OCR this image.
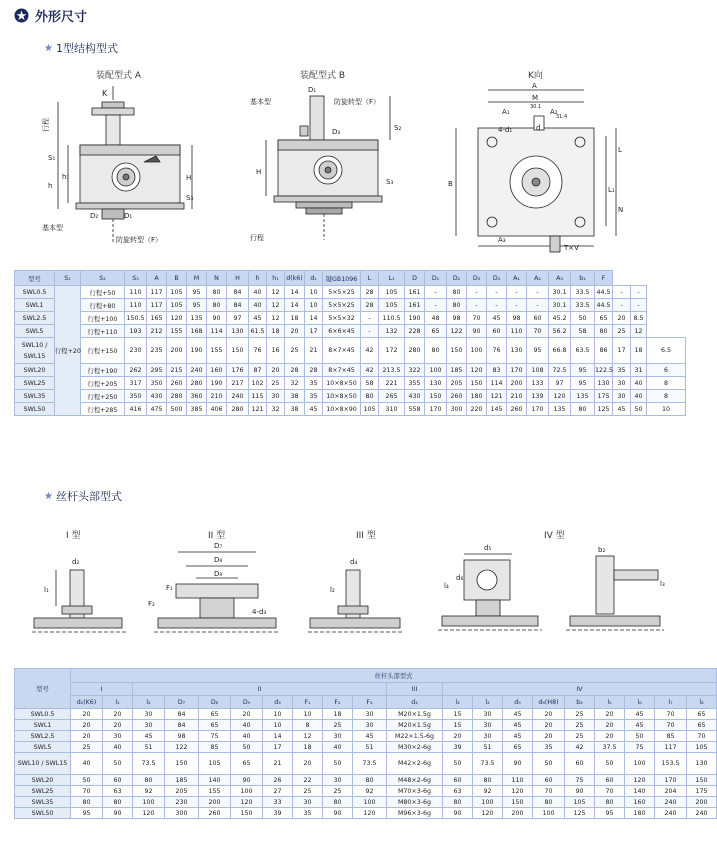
外形尺寸
★ 1型结构型式
装配型式 A
K
行程
S₁
h
h₁	H
S₃
D₂	D₁
基本型
防旋转型（F）
装配型式 B
D₁
基本型	防旋转型（F）
S₂
D₃
H
S₃
行程
K向
A
M
A₁	A₂
31.4
30.1
4-d₁	d
B
L
L₁
N
A₃
T×V
型号	S₁	S₂	S₃	A	B	M	N	H	h	h₁	d(k6)	d₁	键GB1096	L	L₁	D	D₁	D₂	D₃	D₄	A₁	A₂	A₃	b₁	F			
SWL0.5	行程+20	行程+50	110	117	105	95	80	84	40	12	14	10	5×5×25	28	105	161	-	80	-	-	-	-	30.1	33.5	44.5	-	-	
SWL1		行程+80	110	117	105	95	80	84	40	12	14	10	5×5×25	28	105	161	-	80	-	-	-	-	30.1	33.5	44.5	-	-	
SWL2.5		行程+100	150.5	165	120	135	90	97	45	12	18	14	5×5×32	-	110.5	190	48	98	70	45	98	60	45.2	50	65	20	8.5	
SWL5		行程+110	193	212	155	168	114	130	61.5	18	20	17	6×6×45	-	132	228	65	122	90	60	110	70	56.2	58	80	25	12	
SWL10 / SWL15		行程+150	230	235	200	190	155	150	76	16	25	21	8×7×45	42	172	280	80	150	100	76	130	95	66.8	63.5	86	17	18	6.5
SWL20		行程+190	262	295	215	240	160	176	87	20	28	28	8×7×45	42	213.5	322	100	185	120	83	170	108	72.5	95	122.5	35	31	6
SWL25		行程+205	317	350	260	280	190	217	102	25	32	35	10×8×50	58	221	355	130	205	150	114	200	133	97	95	130	30	40	8
SWL35		行程+250	350	430	280	360	210	240	115	30	38	35	10×8×50	80	265	430	150	260	180	121	210	139	120	135	175	30	40	8
SWL50		行程+285	416	475	500	385	406	280	121	32	38	45	10×8×90	105	310	558	170	300	220	145	260	170	135	80	125	45	50	10
★ 丝杆头部型式
I 型	II 型	III 型	IV 型
d₂
l₁
D₇
D₈
D₉
F₁
F₂
4-d₃
d₄
l₂
d₅
d₆
l₄
b₂
l₃
型号	丝杆头部型式																			
	I		II								III	IV								
	d₂(K6)	l₁	l₂	D₇	D₈	D₉	d₃	F₁	F₂	F₃	d₄	l₃	l₄	d₅	d₆(H8)	b₂	l₅	l₆	l₇	l₈
SWL0.5	20	20	30	84	65	20	10	10	18	30	M20×1.5g	15	30	45	20	25	20	45	70	65
SWL1	20	20	30	84	65	40	10	8	25	30	M20×1.5g	15	30	45	20	25	20	45	70	65
SWL2.5	20	30	45	98	75	40	14	12	30	45	M22×1.5-6g	20	30	45	20	25	20	50	85	70
SWL5	25	40	51	122	85	50	17	18	40	51	M30×2-6g	39	51	65	35	42	37.5	75	117	105
SWL10 / SWL15	40	50	73.5	150	105	65	21	20	50	73.5	M42×2-6g	50	73.5	90	50	60	50	100	153.5	130
SWL20	50	60	80	185	140	90	26	22	30	80	M48×2-6g	60	80	110	60	75	60	120	170	150
SWL25	70	63	92	205	155	100	27	25	25	92	M70×3-6g	63	92	120	70	90	70	140	204	175
SWL35	80	80	100	230	200	120	33	30	80	100	M80×3-6g	80	100	150	80	105	80	160	240	200
SWL50	95	90	120	300	260	150	39	35	90	120	M96×3-6g	90	120	200	100	125	95	180	240	240
